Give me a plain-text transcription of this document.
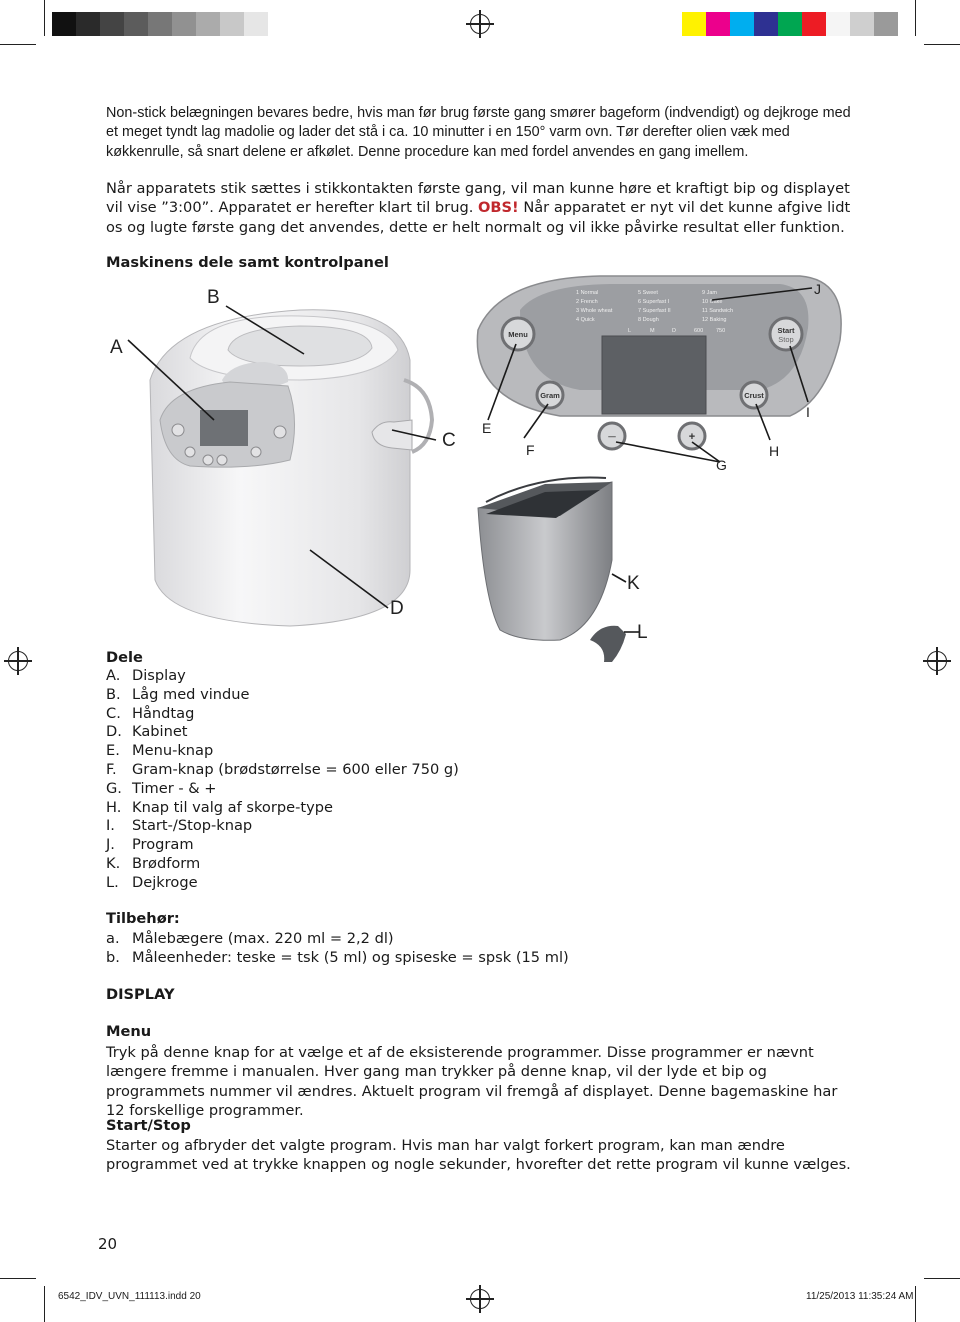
Non-stick belægningen bevares bedre, hvis man før brug første gang smører bageform (indvendigt) og dejkroge med et meget tyndt lag madolie og lader det stå i ca. 10 minutter i en 150° varm ovn. Tør derefter olien væk med køkkenrulle, så snart delene er afkølet. Denne procedure kan med fordel anvendes en gang imellem.
Når apparatets stik sættes i stikkontakten første gang, vil man kunne høre et kraftigt bip og displayet vil vise ”3:00”. Apparatet er herefter klart til brug. OBS! Når apparatet er nyt vil det kunne afgive lidt os og lugte første gang det anvendes, dette er helt normalt og vil ikke påvirke resultat eller funktion.
Maskinens dele samt kontrolpanel
1 Normal
2 French
3 Whole wheat
4 Quick
5 Sweet
6 Superfast I
7 Superfast II
8 Dough
9 Jam
10 Cake
11 Sandwich
12 Baking
L	M	D	600 750
Menu	Start
Stop
Gram	Crust
—	+
A
B
C
D
E
F
G
H
I
J
K
L
Dele
A. Display
B. Låg med vindue
C. Håndtag
D. Kabinet
E. Menu-knap
F.	Gram-knap (brødstørrelse = 600 eller 750 g)
G. Timer - & +
H. Knap til valg af skorpe-type
I.	Start-/Stop-knap
J.	Program
K. Brødform
L. Dejkroge
Tilbehør:
a. Målebægere (max. 220 ml = 2,2 dl)
b. Måleenheder: teske = tsk (5 ml) og spiseske = spsk (15 ml)
DISPLAY
Menu
Tryk på denne knap for at vælge et af de eksisterende programmer. Disse programmer er nævnt længere fremme i manualen. Hver gang man trykker på denne knap, vil der lyde et bip og programmets nummer vil ændres. Aktuelt program vil fremgå af displayet. Denne bagemaskine har 12 forskellige programmer.
Start/Stop
Starter og afbryder det valgte program. Hvis man har valgt forkert program, kan man ændre programmet ved at trykke knappen og nogle sekunder, hvorefter det rette program vil kunne vælges.
20
6542_IDV_UVN_111113.indd 20	11/25/2013 11:35:24 AM
